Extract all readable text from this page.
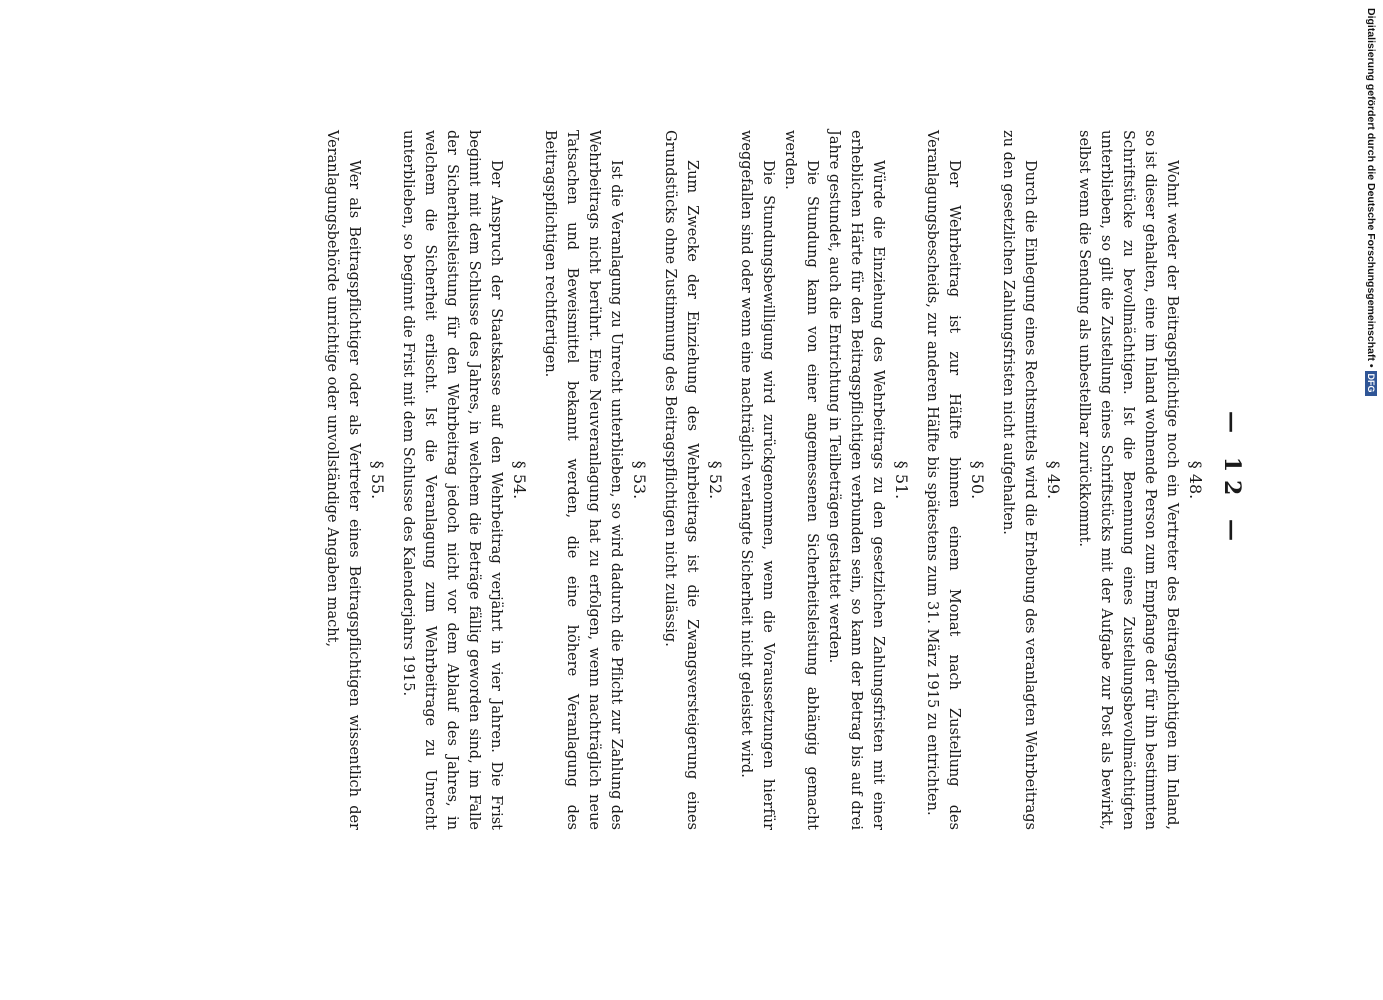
— 12 —
§ 48.

Wohnt weder der Beitragspflichtige noch ein Vertreter des Beitragspflichtigen im Inland, so ist dieser gehalten, eine im Inland wohnende Person zum Empfange der für ihn bestimmten Schriftstücke zu bevollmächtigen. Ist die Benennung eines Zustellungsbevollmächtigten unterblieben, so gilt die Zustellung eines Schriftstücks mit der Aufgabe zur Post als bewirkt, selbst wenn die Sendung als unbestellbar zurückkommt.

§ 49.

Durch die Einlegung eines Rechtsmittels wird die Erhebung des veranlagten Wehrbeitrags zu den gesetzlichen Zahlungsfristen nicht aufgehalten.

§ 50.

Der Wehrbeitrag ist zur Hälfte binnen einem Monat nach Zustellung des Veranlagungsbescheids, zur anderen Hälfte bis spätestens zum 31. März 1915 zu entrichten.

§ 51.

Würde die Einziehung des Wehrbeitrags zu den gesetzlichen Zahlungsfristen mit einer erheblichen Härte für den Beitragspflichtigen verbunden sein, so kann der Betrag bis auf drei Jahre gestundet, auch die Entrichtung in Teilbeträgen gestattet werden.

Die Stundung kann von einer angemessenen Sicherheitsleistung abhängig gemacht werden.

Die Stundungsbewilligung wird zurückgenommen, wenn die Voraussetzungen hierfür weggefallen sind oder wenn eine nachträglich verlangte Sicherheit nicht geleistet wird.

§ 52.

Zum Zwecke der Einziehung des Wehrbeitrags ist die Zwangsversteigerung eines Grundstücks ohne Zustimmung des Beitragspflichtigen nicht zulässig.

§ 53.

Ist die Veranlagung zu Unrecht unterblieben, so wird dadurch die Pflicht zur Zahlung des Wehrbeitrags nicht berührt. Eine Neuveranlagung hat zu erfolgen, wenn nachträglich neue Tatsachen und Beweismittel bekannt werden, die eine höhere Veranlagung des Beitragspflichtigen rechtfertigen.

§ 54.

Der Anspruch der Staatskasse auf den Wehrbeitrag verjährt in vier Jahren. Die Frist beginnt mit dem Schlusse des Jahres, in welchem die Beträge fällig geworden sind, im Falle der Sicherheitsleistung für den Wehrbeitrag jedoch nicht vor dem Ablauf des Jahres, in welchem die Sicherheit erlischt. Ist die Veranlagung zum Wehrbeitrage zu Unrecht unterblieben, so beginnt die Frist mit dem Schlusse des Kalenderjahrs 1915.

§ 55.

Wer als Beitragspflichtiger oder als Vertreter eines Beitragspflichtigen wissentlich der Veranlagungsbehörde unrichtige oder unvollständige Angaben macht,	Digitalisierung gefördert durch die Deutsche Forschungsgemeinschaft • DFG
